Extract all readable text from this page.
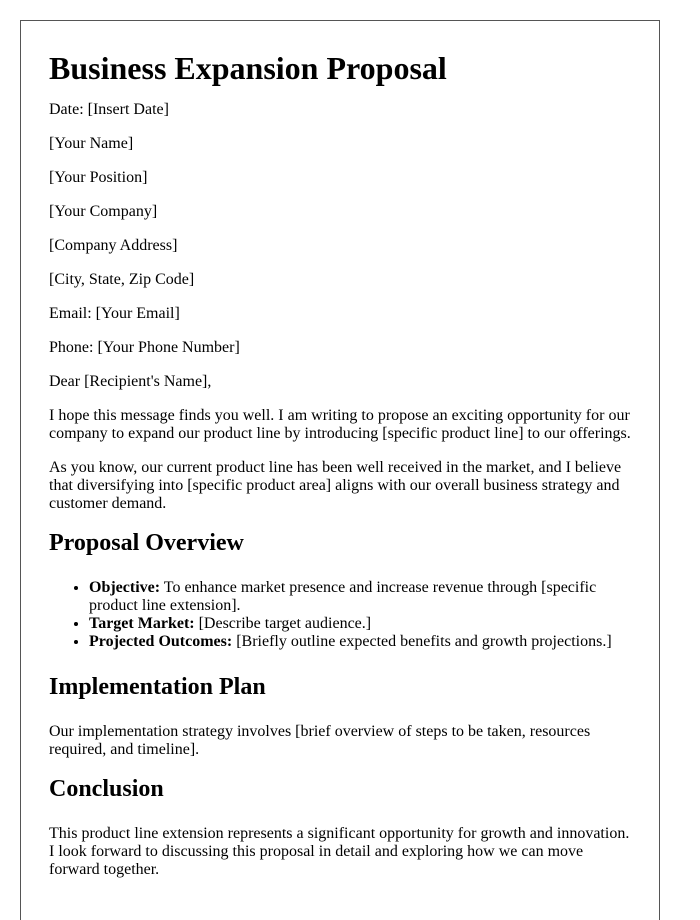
Business Expansion Proposal

Date: [Insert Date]

[Your Name]

[Your Position]

[Your Company]

[Company Address]

[City, State, Zip Code]

Email: [Your Email]

Phone: [Your Phone Number]

Dear [Recipient's Name],

I hope this message finds you well. I am writing to propose an exciting opportunity for our company to expand our product line by introducing [specific product line] to our offerings.

As you know, our current product line has been well received in the market, and I believe that diversifying into [specific product area] aligns with our overall business strategy and customer demand.

Proposal Overview
• Objective: To enhance market presence and increase revenue through [specific product line extension].
• Target Market: [Describe target audience.]
• Projected Outcomes: [Briefly outline expected benefits and growth projections.]
Implementation Plan

Our implementation strategy involves [brief overview of steps to be taken, resources required, and timeline].

Conclusion

This product line extension represents a significant opportunity for growth and innovation. I look forward to discussing this proposal in detail and exploring how we can move forward together.
